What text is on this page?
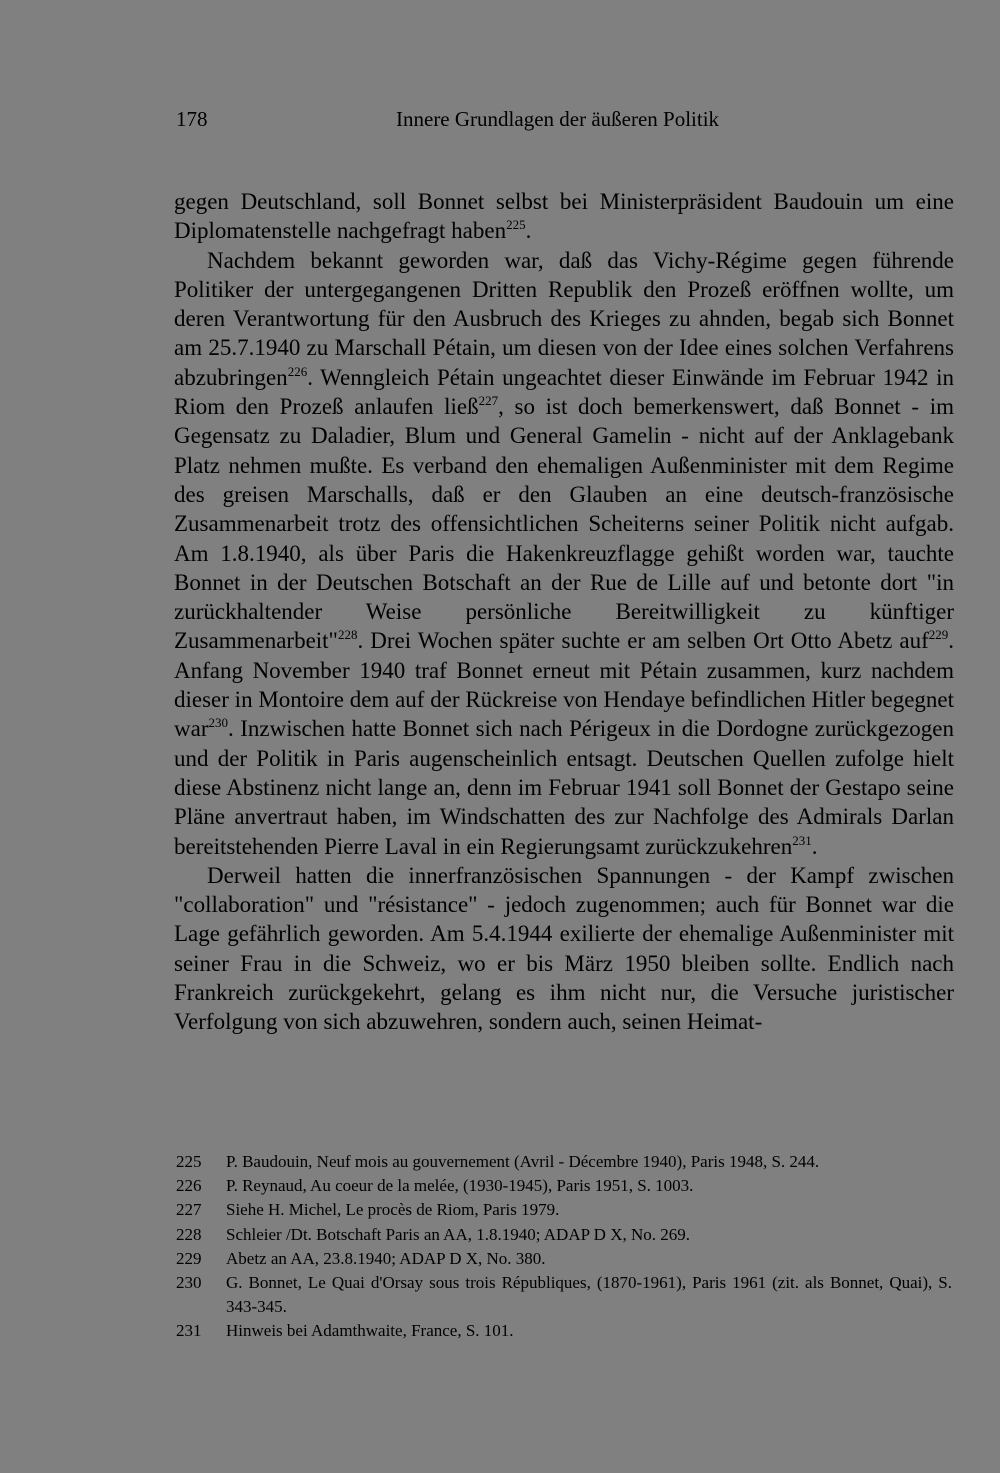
178	Innere Grundlagen der äußeren Politik

gegen Deutschland, soll Bonnet selbst bei Ministerpräsident Baudouin um eine Diplomatenstelle nachgefragt haben$^{225}$.

Nachdem bekannt geworden war, daß das Vichy-Régime gegen führende Politiker der untergegangenen Dritten Republik den Prozeß eröffnen wollte, um deren Verantwortung für den Ausbruch des Krieges zu ahnden, begab sich Bonnet am 25.7.1940 zu Marschall Pétain, um diesen von der Idee eines solchen Verfahrens abzubringen$^{226}$. Wenngleich Pétain ungeachtet dieser Einwände im Februar 1942 in Riom den Prozeß anlaufen ließ$^{227}$, so ist doch bemerkenswert, daß Bonnet - im Gegensatz zu Daladier, Blum und General Gamelin - nicht auf der Anklagebank Platz nehmen mußte. Es verband den ehemaligen Außenminister mit dem Regime des greisen Marschalls, daß er den Glauben an eine deutsch-französische Zusammenarbeit trotz des offensichtlichen Scheiterns seiner Politik nicht aufgab. Am 1.8.1940, als über Paris die Hakenkreuzflagge gehißt worden war, tauchte Bonnet in der Deutschen Botschaft an der Rue de Lille auf und betonte dort "in zurückhaltender Weise persönliche Bereitwilligkeit zu künftiger Zusammenarbeit"$^{228}$. Drei Wochen später suchte er am selben Ort Otto Abetz auf$^{229}$. Anfang November 1940 traf Bonnet erneut mit Pétain zusammen, kurz nachdem dieser in Montoire dem auf der Rückreise von Hendaye befindlichen Hitler begegnet war$^{230}$. Inzwischen hatte Bonnet sich nach Périgeux in die Dordogne zurückgezogen und der Politik in Paris augenscheinlich entsagt. Deutschen Quellen zufolge hielt diese Abstinenz nicht lange an, denn im Februar 1941 soll Bonnet der Gestapo seine Pläne anvertraut haben, im Windschatten des zur Nachfolge des Admirals Darlan bereitstehenden Pierre Laval in ein Regierungsamt zurückzukehren$^{231}$.

Derweil hatten die innerfranzösischen Spannungen - der Kampf zwischen "collaboration" und "résistance" - jedoch zugenommen; auch für Bonnet war die Lage gefährlich geworden. Am 5.4.1944 exilierte der ehemalige Außenminister mit seiner Frau in die Schweiz, wo er bis März 1950 bleiben sollte. Endlich nach Frankreich zurückgekehrt, gelang es ihm nicht nur, die Versuche juristischer Verfolgung von sich abzuwehren, sondern auch, seinen Heimat-

225	P. Baudouin, Neuf mois au gouvernement (Avril - Décembre 1940), Paris 1948, S. 244.
226	P. Reynaud, Au coeur de la melée, (1930-1945), Paris 1951, S. 1003.
227	Siehe H. Michel, Le procès de Riom, Paris 1979.
228	Schleier /Dt. Botschaft Paris an AA, 1.8.1940; ADAP D X, No. 269.
229	Abetz an AA, 23.8.1940; ADAP D X, No. 380.
230	G. Bonnet, Le Quai d'Orsay sous trois Républiques, (1870-1961), Paris 1961 (zit. als Bonnet, Quai), S. 343-345.
231	Hinweis bei Adamthwaite, France, S. 101.
